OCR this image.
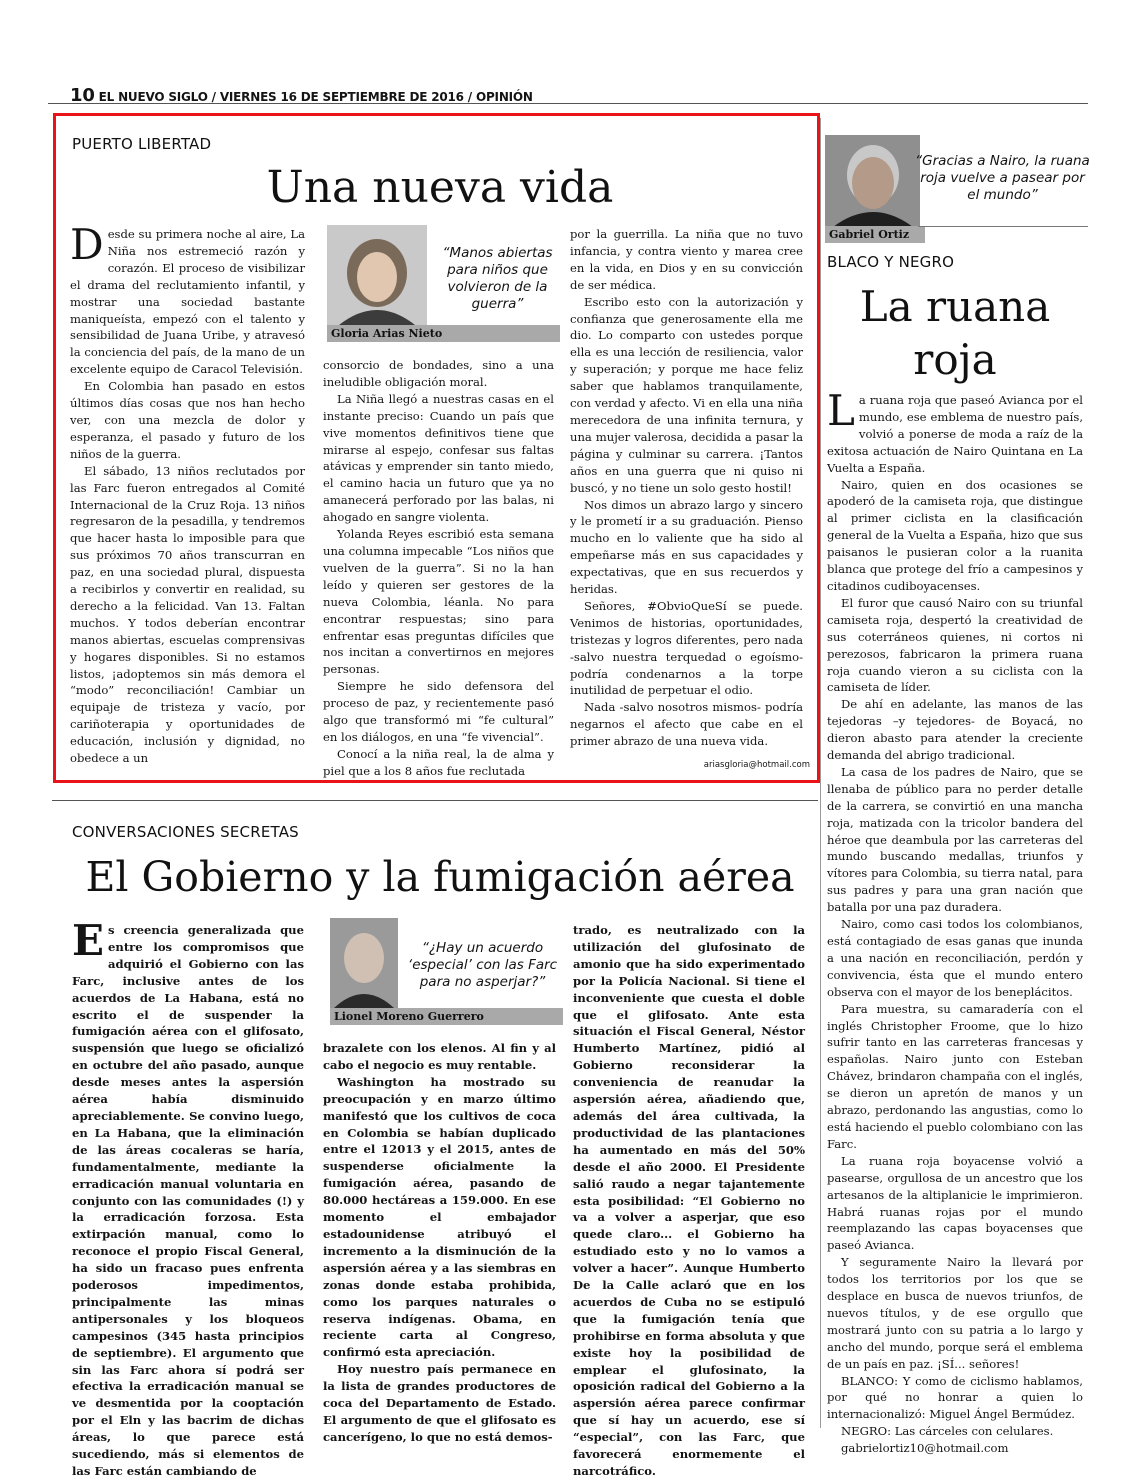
10 EL NUEVO SIGLO / VIERNES 16 DE SEPTIEMBRE DE 2016 / OPINIÓN
PUERTO LIBERTAD
Una nueva vida

Desde su primera noche al aire, La Niña nos estremeció razón y corazón. El proceso de visibilizar el drama del reclutamiento infantil, y mostrar una sociedad bastante maniqueísta, empezó con el talento y sensibilidad de Juana Uribe, y atravesó la conciencia del país, de la mano de un excelente equipo de Caracol Televisión.

En Colombia han pasado en estos últimos días cosas que nos han hecho ver, con una mezcla de dolor y esperanza, el pasado y futuro de los niños de la guerra.

El sábado, 13 niños reclutados por las Farc fueron entregados al Comité Internacional de la Cruz Roja. 13 niños regresaron de la pesadilla, y tendremos que hacer hasta lo imposible para que sus próximos 70 años transcurran en paz, en una sociedad plural, dispuesta a recibirlos y convertir en realidad, su derecho a la felicidad. Van 13. Faltan muchos. Y todos deberían encontrar manos abiertas, escuelas comprensivas y hogares disponibles. Si no estamos listos, ¡adoptemos sin más demora el “modo” reconciliación! Cambiar un equipaje de tristeza y vacío, por cariñoterapia y oportunidades de educación, inclusión y dignidad, no obedece a un

Gloria Arias Nieto
“Manos abiertas para niños que volvieron de la guerra”

consorcio de bondades, sino a una ineludible obligación moral.

La Niña llegó a nuestras casas en el instante preciso: Cuando un país que vive momentos definitivos tiene que mirarse al espejo, confesar sus faltas atávicas y emprender sin tanto miedo, el camino hacia un futuro que ya no amanecerá perforado por las balas, ni ahogado en sangre violenta.

Yolanda Reyes escribió esta semana una columna impecable “Los niños que vuelven de la guerra”. Si no la han leído y quieren ser gestores de la nueva Colombia, léanla. No para encontrar respuestas; sino para enfrentar esas preguntas difíciles que nos incitan a convertirnos en mejores personas.

Siempre he sido defensora del proceso de paz, y recientemente pasó algo que transformó mi “fe cultural” en los diálogos, en una “fe vivencial”.

Conocí a la niña real, la de alma y piel que a los 8 años fue reclutada

por la guerrilla. La niña que no tuvo infancia, y contra viento y marea cree en la vida, en Dios y en su convicción de ser médica.

Escribo esto con la autorización y confianza que generosamente ella me dio. Lo comparto con ustedes porque ella es una lección de resiliencia, valor y superación; y porque me hace feliz saber que hablamos tranquilamente, con verdad y afecto. Vi en ella una niña merecedora de una infinita ternura, y una mujer valerosa, decidida a pasar la página y culminar su carrera. ¡Tantos años en una guerra que ni quiso ni buscó, y no tiene un solo gesto hostil!

Nos dimos un abrazo largo y sincero y le prometí ir a su graduación. Pienso mucho en lo valiente que ha sido al empeñarse más en sus capacidades y expectativas, que en sus recuerdos y heridas.

Señores, #ObvioQueSí se puede. Venimos de historias, oportunidades, tristezas y logros diferentes, pero nada -salvo nuestra terquedad o egoísmo- podría condenarnos a la torpe inutilidad de perpetuar el odio.

Nada -salvo nosotros mismos- podría negarnos el afecto que cabe en el primer abrazo de una nueva vida.

ariasgloria@hotmail.com
Gabriel Ortiz
“Gracias a Nairo, la ruana roja vuelve a pasear por el mundo”
BLACO Y NEGRO
La ruana roja

La ruana roja que paseó Avianca por el mundo, ese emblema de nuestro país, volvió a ponerse de moda a raíz de la exitosa actuación de Nairo Quintana en La Vuelta a España.

Nairo, quien en dos ocasiones se apoderó de la camiseta roja, que distingue al primer ciclista en la clasificación general de la Vuelta a España, hizo que sus paisanos le pusieran color a la ruanita blanca que protege del frío a campesinos y citadinos cudiboyacenses.

El furor que causó Nairo con su triunfal camiseta roja, despertó la creatividad de sus coterráneos quienes, ni cortos ni perezosos, fabricaron la primera ruana roja cuando vieron a su ciclista con la camiseta de líder.

De ahí en adelante, las manos de las tejedoras –y tejedores- de Boyacá, no dieron abasto para atender la creciente demanda del abrigo tradicional.

La casa de los padres de Nairo, que se llenaba de público para no perder detalle de la carrera, se convirtió en una mancha roja, matizada con la tricolor bandera del héroe que deambula por las carreteras del mundo buscando medallas, triunfos y vítores para Colombia, su tierra natal, para sus padres y para una gran nación que batalla por una paz duradera.

Nairo, como casi todos los colombianos, está contagiado de esas ganas que inunda a una nación en reconciliación, perdón y convivencia, ésta que el mundo entero observa con el mayor de los beneplácitos.

Para muestra, su camaradería con el inglés Christopher Froome, que lo hizo sufrir tanto en las carreteras francesas y españolas. Nairo junto con Esteban Chávez, brindaron champaña con el inglés, se dieron un apretón de manos y un abrazo, perdonando las angustias, como lo está haciendo el pueblo colombiano con las Farc.

La ruana roja boyacense volvió a pasearse, orgullosa de un ancestro que los artesanos de la altiplanicie le imprimieron. Habrá ruanas rojas por el mundo reemplazando las capas boyacenses que paseó Avianca.

Y seguramente Nairo la llevará por todos los territorios por los que se desplace en busca de nuevos triunfos, de nuevos títulos, y de ese orgullo que mostrará junto con su patria a lo largo y ancho del mundo, porque será el emblema de un país en paz. ¡SÍ... señores!

BLANCO: Y como de ciclismo hablamos, por qué no honrar a quien lo internacionalizó: Miguel Ángel Bermúdez.

NEGRO: Las cárceles con celulares.

gabrielortiz10@hotmail.com

CONVERSACIONES SECRETAS
El Gobierno y la fumigación aérea

Es creencia generalizada que entre los compromisos que adquirió el Gobierno con las Farc, inclusive antes de los acuerdos de La Habana, está no escrito el de suspender la fumigación aérea con el glifosato, suspensión que luego se oficializó en octubre del año pasado, aunque desde meses antes la aspersión aérea había disminuido apreciablemente. Se convino luego, en La Habana, que la eliminación de las áreas cocaleras se haría, fundamentalmente, mediante la erradicación manual voluntaria en conjunto con las comunidades (!) y la erradicación forzosa. Esta extirpación manual, como lo reconoce el propio Fiscal General, ha sido un fracaso pues enfrenta poderosos impedimentos, principalmente las minas antipersonales y los bloqueos campesinos (345 hasta principios de septiembre). El argumento que sin las Farc ahora sí podrá ser efectiva la erradicación manual se ve desmentida por la cooptación por el Eln y las bacrim de dichas áreas, lo que parece está sucediendo, más si elementos de las Farc están cambiando de

Lionel Moreno Guerrero
“¿Hay un acuerdo ‘especial’ con las Farc para no asperjar?”

brazalete con los elenos. Al fin y al cabo el negocio es muy rentable.

Washington ha mostrado su preocupación y en marzo último manifestó que los cultivos de coca en Colombia se habían duplicado entre el 12013 y el 2015, antes de suspenderse oficialmente la fumigación aérea, pasando de 80.000 hectáreas a 159.000. En ese momento el embajador estadounidense atribuyó el incremento a la disminución de la aspersión aérea y a las siembras en zonas donde estaba prohibida, como los parques naturales o reserva indígenas. Obama, en reciente carta al Congreso, confirmó esta apreciación.

Hoy nuestro país permanece en la lista de grandes productores de coca del Departamento de Estado. El argumento de que el glifosato es cancerígeno, lo que no está demos-

trado, es neutralizado con la utilización del glufosinato de amonio que ha sido experimentado por la Policía Nacional. Si tiene el inconveniente que cuesta el doble que el glifosato. Ante esta situación el Fiscal General, Néstor Humberto Martínez, pidió al Gobierno reconsiderar la conveniencia de reanudar la aspersión aérea, añadiendo que, además del área cultivada, la productividad de las plantaciones ha aumentado en más del 50% desde el año 2000. El Presidente salió raudo a negar tajantemente esta posibilidad: “El Gobierno no va a volver a asperjar, que eso quede claro... el Gobierno ha estudiado esto y no lo vamos a volver a hacer”. Aunque Humberto De la Calle aclaró que en los acuerdos de Cuba no se estipuló que la fumigación tenía que prohibirse en forma absoluta y que existe hoy la posibilidad de emplear el glufosinato, la oposición radical del Gobierno a la aspersión aérea parece confirmar que sí hay un acuerdo, ese sí “especial”, con las Farc, que favorecerá enormemente el narcotráfico.
